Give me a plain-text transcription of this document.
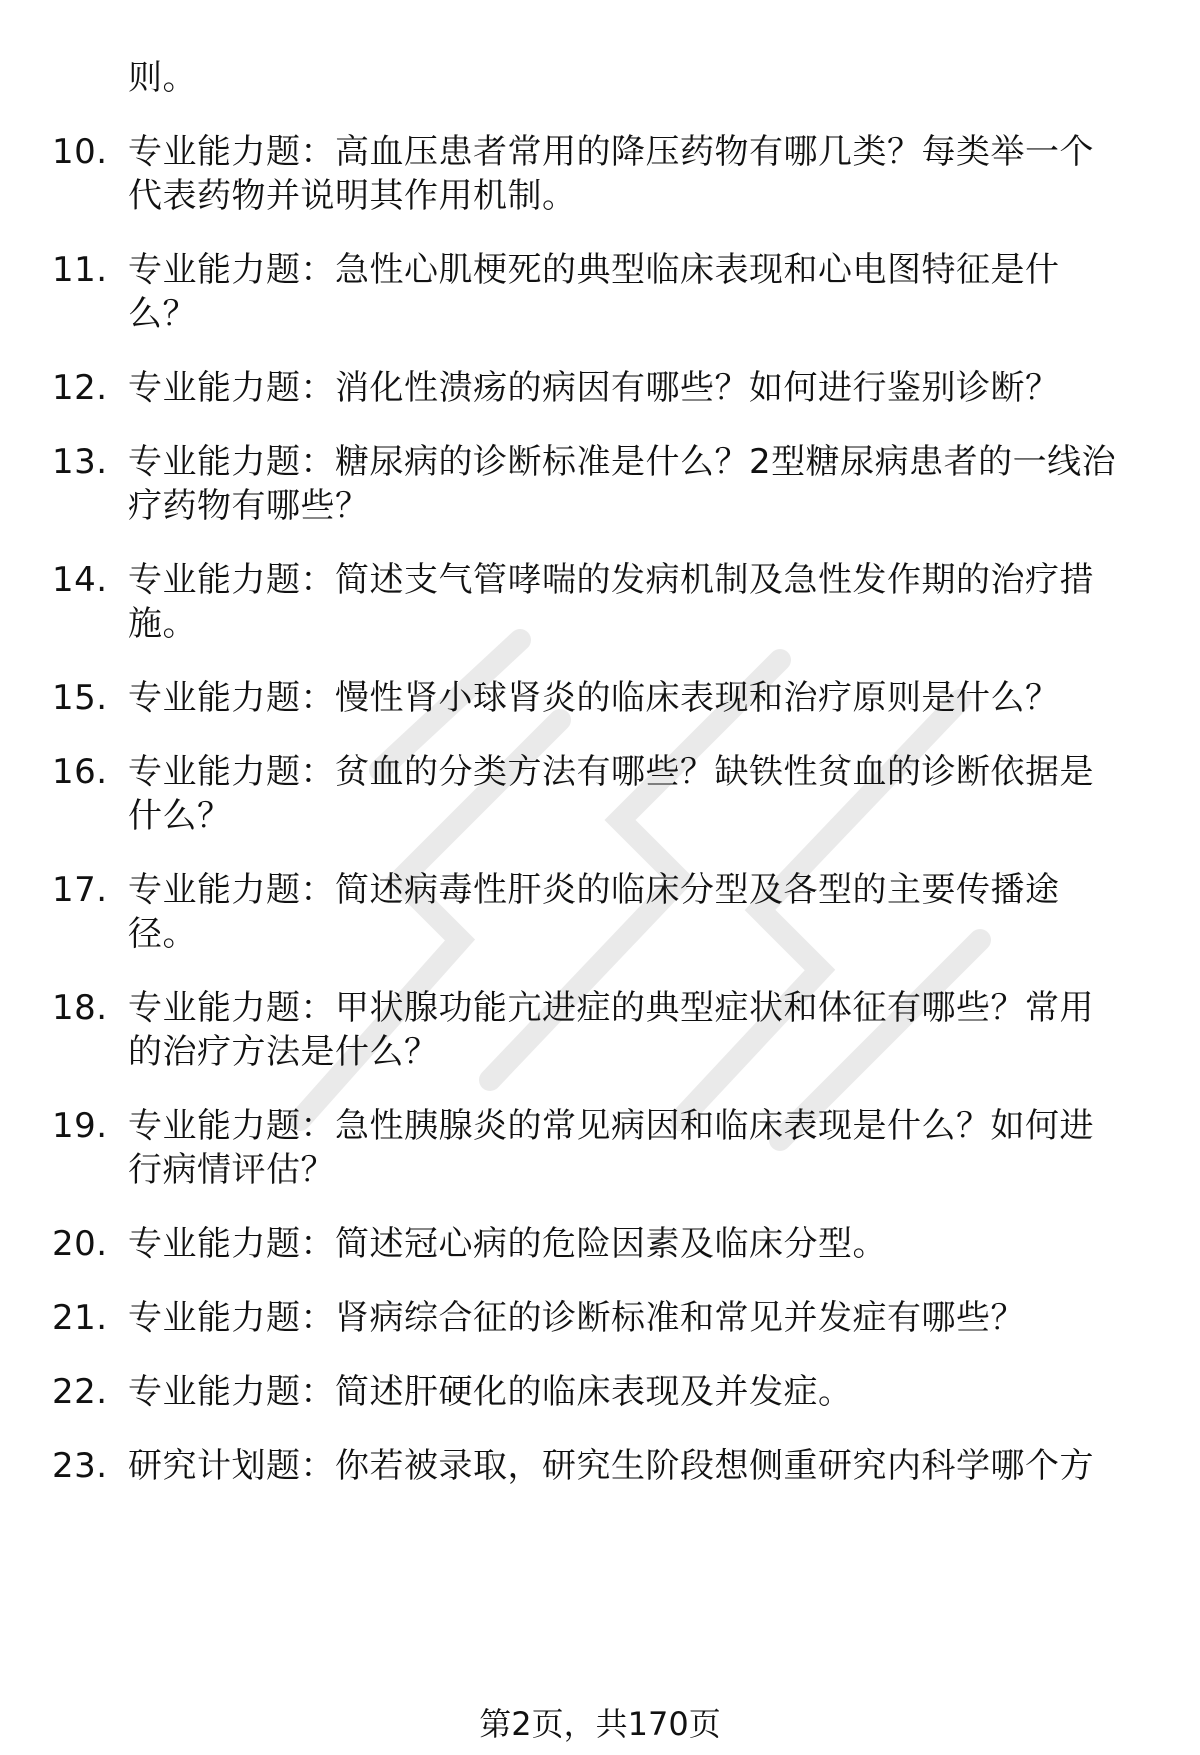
则。
10. 专业能力题：高血压患者常用的降压药物有哪几类？每类举一个
代表药物并说明其作用机制。
11. 专业能力题：急性心肌梗死的典型临床表现和心电图特征是什
么？
12. 专业能力题：消化性溃疡的病因有哪些？如何进行鉴别诊断？
13. 专业能力题：糖尿病的诊断标准是什么？2型糖尿病患者的一线治
疗药物有哪些？
14. 专业能力题：简述支气管哮喘的发病机制及急性发作期的治疗措
施。
15. 专业能力题：慢性肾小球肾炎的临床表现和治疗原则是什么？
16. 专业能力题：贫血的分类方法有哪些？缺铁性贫血的诊断依据是
什么？
17. 专业能力题：简述病毒性肝炎的临床分型及各型的主要传播途
径。
18. 专业能力题：甲状腺功能亢进症的典型症状和体征有哪些？常用
的治疗方法是什么？
19. 专业能力题：急性胰腺炎的常见病因和临床表现是什么？如何进
行病情评估？
20. 专业能力题：简述冠心病的危险因素及临床分型。
21. 专业能力题：肾病综合征的诊断标准和常见并发症有哪些？
22. 专业能力题：简述肝硬化的临床表现及并发症。
23. 研究计划题：你若被录取，研究生阶段想侧重研究内科学哪个方
第2页，共170页
